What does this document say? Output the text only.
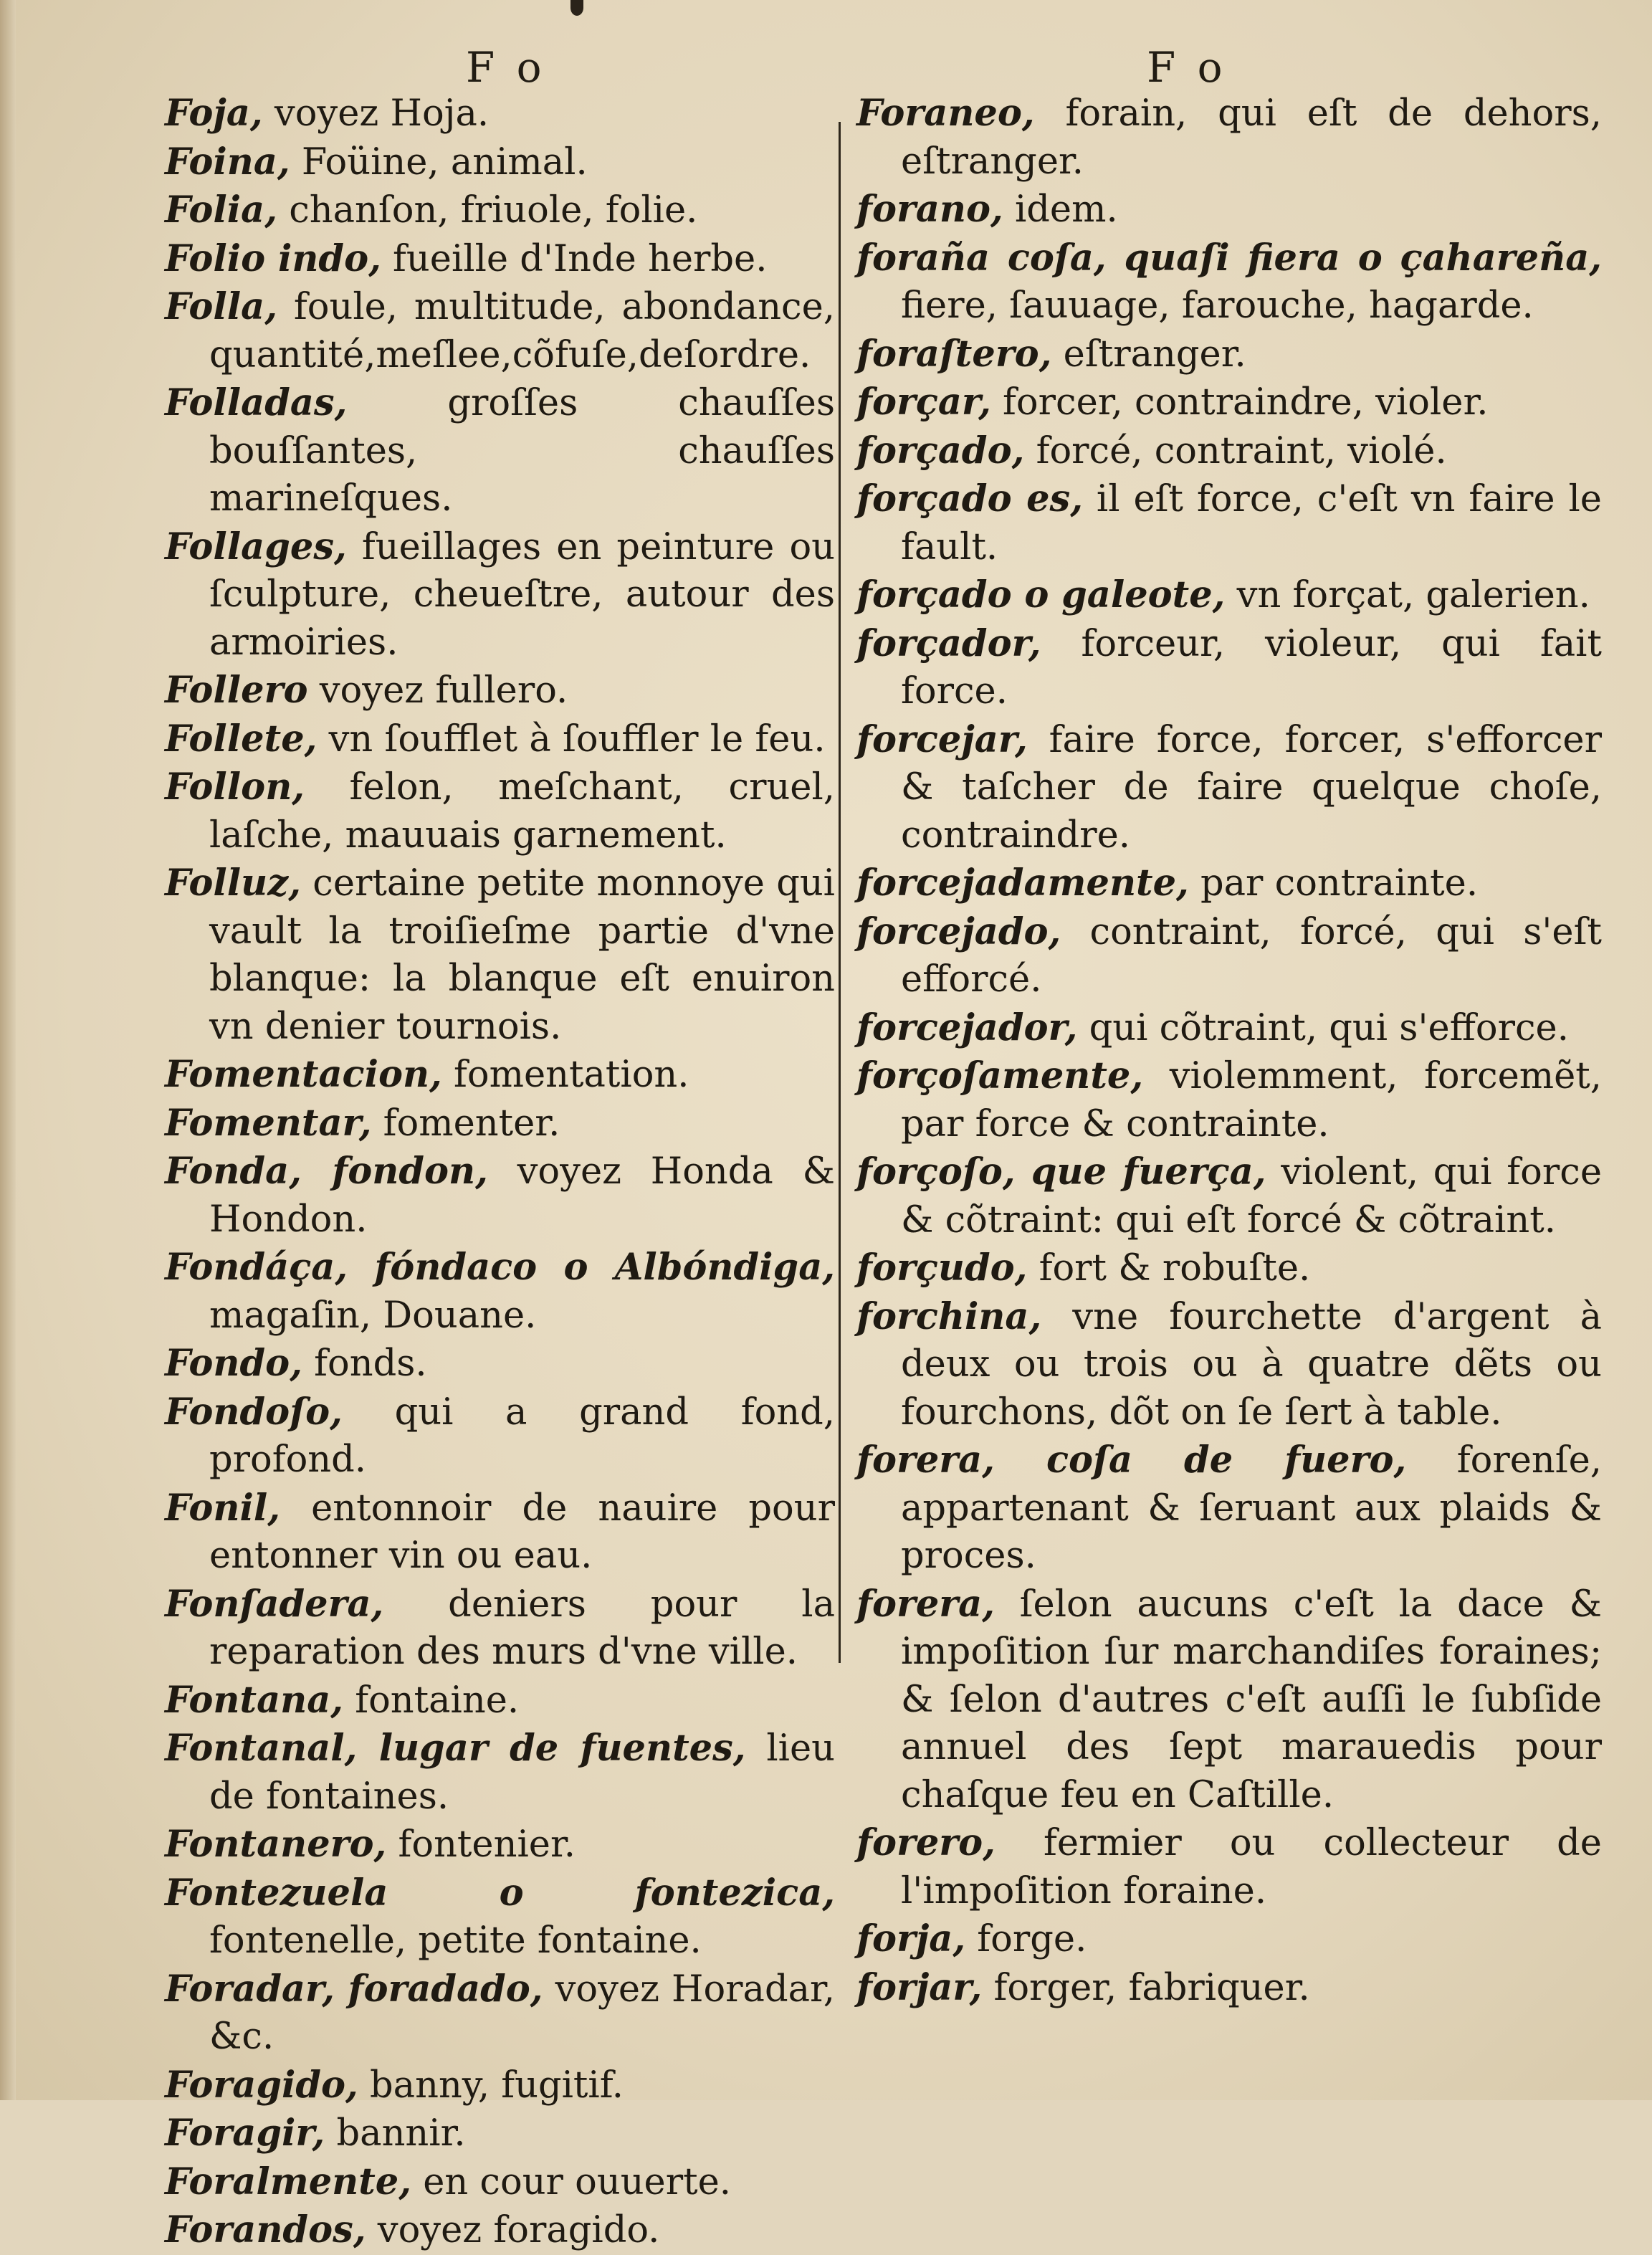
F o	F o

Foja, voyez Hoja.

Foina, Foüine, animal.

Folia, chanſon, friuole, folie.

Folio indo, fueille d'Inde herbe.

Folla, foule, multitude, abondance, quantité,meſlee,cõfuſe,deſordre.

Folladas, groſſes chauſſes bouſſantes, chauſſes marineſques.

Follages, fueillages en peinture ou ſculpture, cheueſtre, autour des armoiries.

Follero voyez fullero.

Follete, vn ſoufflet à ſouffler le feu.

Follon, felon, meſchant, cruel, laſche, mauuais garnement.

Folluz, certaine petite monnoye qui vault la troiſieſme partie d'vne blanque: la blanque eſt enuiron vn denier tournois.

Fomentacion, fomentation.

Fomentar, fomenter.

Fonda, fondon, voyez Honda & Hondon.

Fondáça, fóndaco o Albóndiga, magaſin, Douane.

Fondo, fonds.

Fondoſo, qui a grand fond, profond.

Fonil, entonnoir de nauire pour entonner vin ou eau.

Fonſadera, deniers pour la reparation des murs d'vne ville.

Fontana, fontaine.

Fontanal, lugar de fuentes, lieu de fontaines.

Fontanero, fontenier.

Fontezuela o fontezica, fontenelle, petite fontaine.

Foradar, foradado, voyez Horadar, &c.

Foragido, banny, fugitif.

Foragir, bannir.

Foralmente, en cour ouuerte.

Forandos, voyez foragido.

Foraneo, forain, qui eſt de dehors, eſtranger.

forano, idem.

foraña coſa, quaſi fiera o çahareña, fiere, ſauuage, farouche, hagarde.

foraſtero, eſtranger.

forçar, forcer, contraindre, violer.

forçado, forcé, contraint, violé.

forçado es, il eſt force, c'eſt vn faire le fault.

forçado o galeote, vn forçat, galerien.

forçador, forceur, violeur, qui fait force.

forcejar, faire force, forcer, s'efforcer & taſcher de faire quelque choſe, contraindre.

forcejadamente, par contrainte.

forcejado, contraint, forcé, qui s'eſt efforcé.

forcejador, qui cõtraint, qui s'efforce.

forçoſamente, violemment, forcemẽt, par force & contrainte.

forçoſo, que fuerça, violent, qui force & cõtraint: qui eſt forcé & cõtraint.

forçudo, fort & robuſte.

forchina, vne fourchette d'argent à deux ou trois ou à quatre dẽts ou fourchons, dõt on ſe ſert à table.

forera, coſa de fuero, forenſe, appartenant & ſeruant aux plaids & proces.

forera, ſelon aucuns c'eſt la dace & impoſition ſur marchandiſes foraines; & ſelon d'autres c'eſt auſſi le ſubſide annuel des ſept marauedis pour chaſque feu en Caſtille.

forero, fermier ou collecteur de l'impoſition foraine.

forja, forge.

forjar, forger, fabriquer.
